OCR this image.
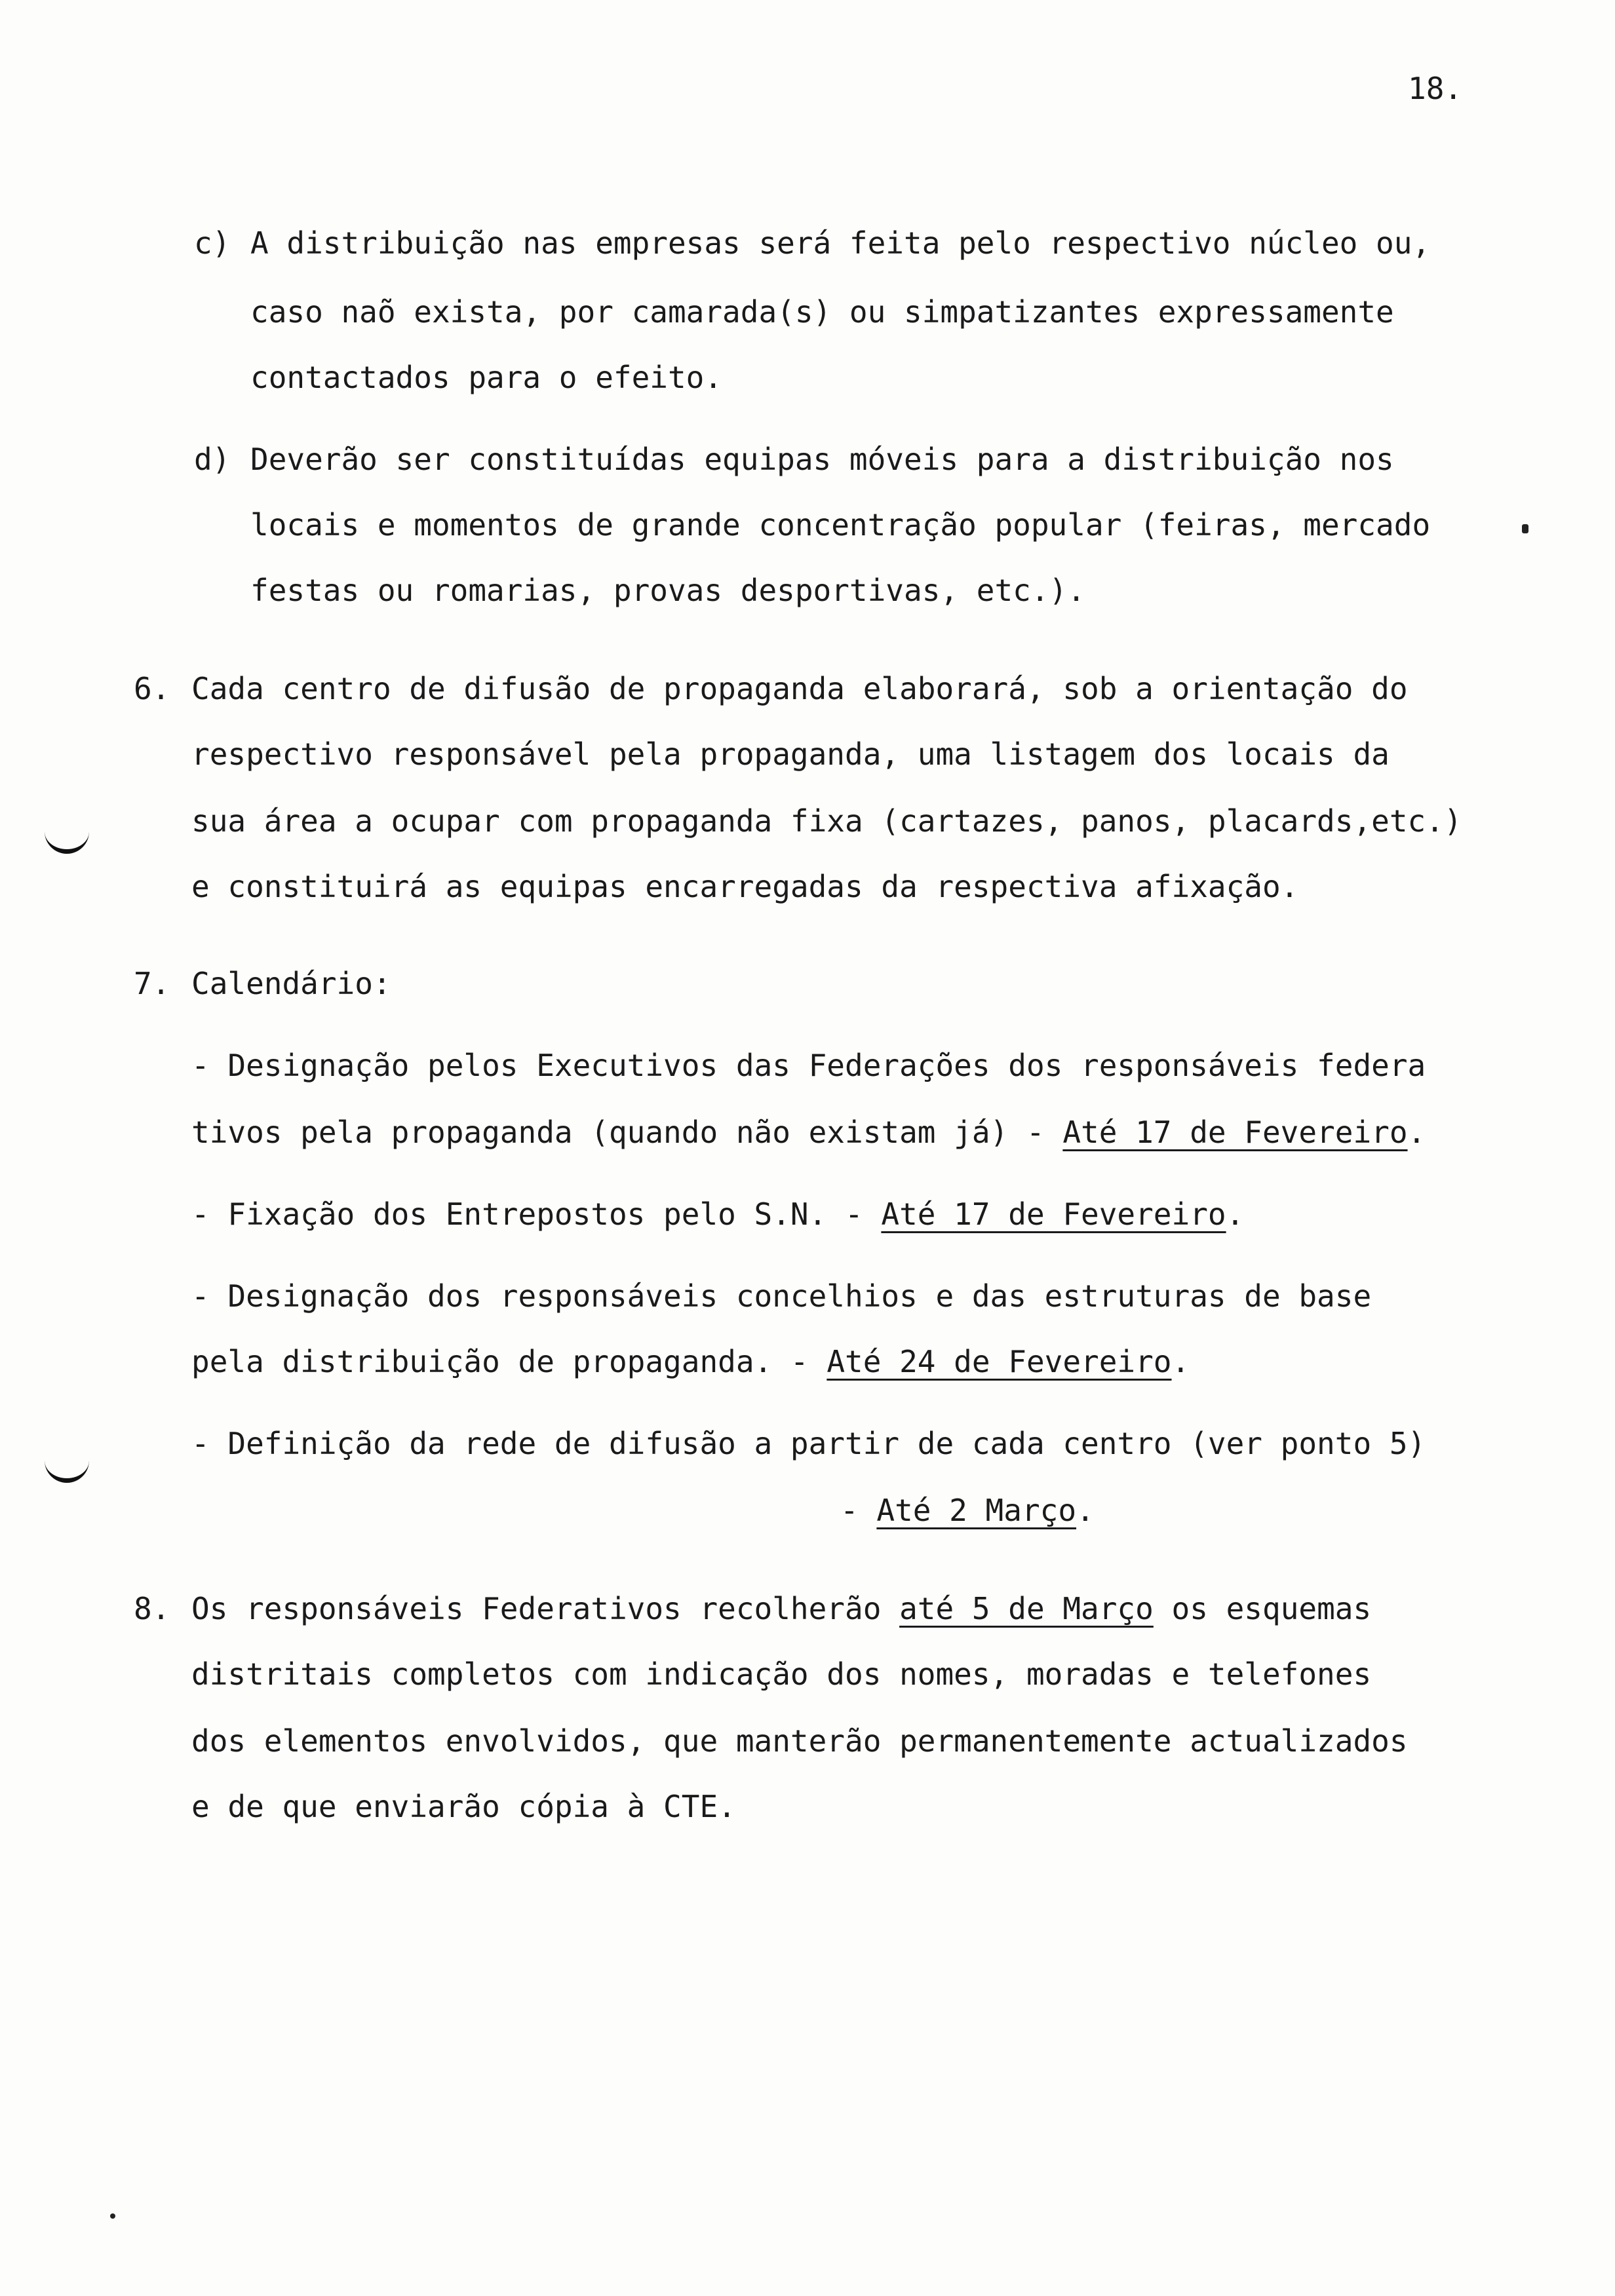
18.
c) A distribuição nas empresas será feita pelo respectivo núcleo ou,
caso naõ exista, por camarada(s) ou simpatizantes expressamente
contactados para o efeito.
d) Deverão ser constituídas equipas móveis para a distribuição nos
locais e momentos de grande concentração popular (feiras, mercado
festas ou romarias, provas desportivas, etc.).
6. Cada centro de difusão de propaganda elaborará, sob a orientação do
respectivo responsável pela propaganda, uma listagem dos locais da
sua área a ocupar com propaganda fixa (cartazes, panos, placards,etc.)
e constituirá as equipas encarregadas da respectiva afixação.
7. Calendário:
- Designação pelos Executivos das Federações dos responsáveis federa
tivos pela propaganda (quando não existam já) - Até 17 de Fevereiro.
- Fixação dos Entrepostos pelo S.N. - Até 17 de Fevereiro.
- Designação dos responsáveis concelhios e das estruturas de base
pela distribuição de propaganda. - Até 24 de Fevereiro.
- Definição da rede de difusão a partir de cada centro (ver ponto 5)
- Até 2 Março.
8. Os responsáveis Federativos recolherão até 5 de Março os esquemas
distritais completos com indicação dos nomes, moradas e telefones
dos elementos envolvidos, que manterão permanentemente actualizados
e de que enviarão cópia à CTE.
